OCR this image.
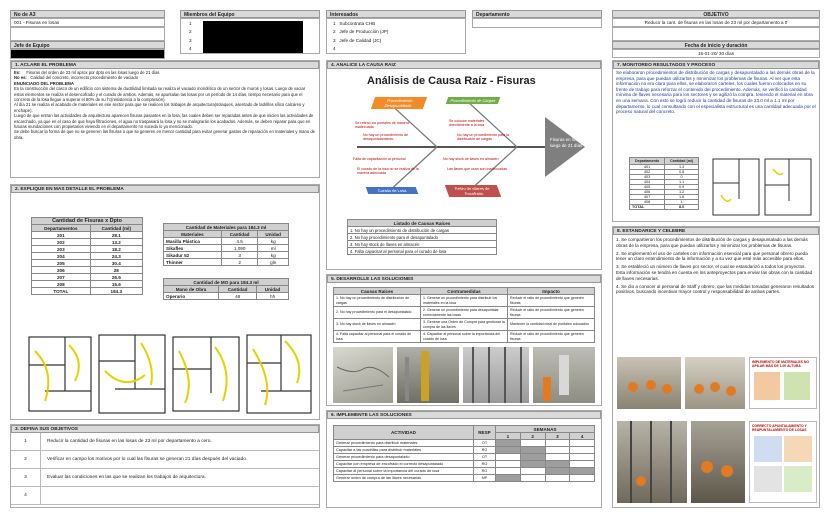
No de A3
001 - Fisuras en losas
Jefe de Equipo
Miembros del Equipo
1
2
3
4
Interesados
1 Subcontrata CHB
2 Jefe de Producción (JP)
3 Jefe de Calidad (JC)
4
Departamento	OBJETIVO
Reducir la cant. de fisuras en las losas de 23 ml por departamento a 0
Fecha de inicio y duración
15-01-20/ 30 días
1. ACLARE EL PROBLEMA
Es: Fisuras del orden de 23 ml aprox por dpto en las losas luego de 21 días
No es: Calidad del concreto, incorrecto procedimiento de vaciado
ENUNCIADO DEL PROBLEMA
En la construcción del casco de un edificio con sistema de ductilidad limitada se realiza el vaciado monolítico de un sector de muros y losas. Luego de vaciar estos elementos se realiza el desencofrado y el curado de ambos. Además, se apuntalan las losas por un período de 14 días, tiempo necesario para que el concreto de la losa llegue a superar el 80% de su f'c(resistencia a la compresión).
Al día 21 se realiza el acabado de materiales en ese sector para que se realicen los trabajos de arquitectura(solaques, asentado de ladrillos sílico calcáreo y enchape).
Luego de que entran las actividades de arquitectura aparecen fisuras pasantes en la losa, las cuales deben ser reparadas antes de que inicien las actividades de escarchado, ya que en el caso de que haya filtraciones, el agua no traspasará la losa y no se malograrán los acabados. Además, se deben reparar para que en futuras inundaciones con propietarios viviendo en el departamento no suceda lo ya mencionado.
Se debe buscar la forma de que no se generen las fisuras o que se generen en menor cantidad para evitar generar gastos de reparación en materiales y mano de obra.
2. EXPLIQUE EN MAS DETALLE EL PROBLEMA
Cantidad de Fisuras x Dpto	
Departamentos	Cantidad (ml)
201	28.1
202	13.2
203	18.2
204	24.3
205	30.4
206	28
207	26.5
208	15.6
TOTAL	184.3
Cantidad de Materiales para 184.3 ml		
Materiales	Cantidad	Unidad
Masilla Plástica	4.5	kg
Sikaflex	1,090	ml
Sikadur 52	3	kg
Thinner	2	gln
Cantidad de MO para 184.3 ml		
Mano de Obra	Cantidad	Unidad
Operario	48	hh
3. DEFINA SUS OBJETIVOS
1	Reducir la cantidad de fisuras en las losas de 23 ml por departamento a cero.
2	Verificar en campo los motivos por lo cual las fisuras se generan 21 días después del vaciado.
3	Evaluar las condiciones en las que se realizan los trabajos de arquitectura.
4
4. ANALICE LA CAUSA RAIZ
Análisis de Causa Raíz - Fisuras
Fisuras en losas luego de 21 días
Procedimiento Desapuntalado
Procedimiento de Cargas
Curado de Losa	Retiro de cilares de Encofrado
Se retiran los puntales de manera inadecuada
No hay un procedimiento de desapuntalamiento
Se colocan materiales directamente a la losa
No hay un procedimiento para la distribución de cargas
Falta de capacitación al personal
El curado de la losa no se realiza de la manera adecuada
No hay stock de llaves en almacén
Las llaves que usan son inadecuadas
Listado de Causas Raíces
1. No hay un procedimiento de distribución de cargas
2. No hay procedimiento para el desapuntalado
3. No hay stock de llaves en almacén
4. Falta capacitar al personal para el curado de losa
5. DESARROLLE LAS SOLUCIONES
Causas Raíces	Contramedidas	Impacto
1. No hay un procedimiento de distribución de cargas	1. Generar un procedimiento para distribuir los materiales en la losa	Reducir el ratio de procedimiento que generen fisuras
2. No hay procedimiento para el desapuntalado	2. Generar un procedimiento para desapuntalar correctamente las losas	Reducir el ratio de procedimiento que generen fisuras
3. No hay stock de llaves en almacén	3. Generar una Orden de Compra para gestionar la compra de las llaves	Mantener la cantidad ideal de puntales colocados
4. Falta capacitar al personal para el curado de losa	4. Capacitar al personal sobre la importancia del curado de losa	Reducir el ratio de procedimiento que generen fisuras
6. IMPLEMENTE LAS SOLUCIONES
ACTIVIDAD	RESP	SEMANAS			
		1	2	3	4
Generar procedimiento para distribuir materiales	OT				
Capacitar a las cuadrillas para distribuir materiales	RG				
Generar procedimiento para desapuntalado	OT				
Capacitar con empresa de encofrado el correcto desapuntalado	RG				
Capacitar al personal sobre la importancia del curado de losa	RG				
Generar orden de compra de las llaves necesarias	MP				
7. MONITOREO RESULTADOS Y PROCESO
Se elaboraron procedimientos de distribución de cargas y desapuntalado a las demás obras de la empresa, para que puedan utilizarlos y minimizar los problemas de fisuras. Al ver que esta información no era clara para ellos, se elaboraron carteles, los cuales fueron colocados en su frente de trabajo para reforzar el contenido del procedimiento. Además, se verificó la cantidad mínima de llaves necesaria para los sectores y se agilizó la compra, teniendo el material en obra en una semana. Con esto se logró reducir la cantidad de fisuras de 23.0 ml a 1.1 ml por departamento, lo cual consultando con el especialista estructural es una cantidad adecuada por el proceso natural del concreto.
Departamento	Cantidad (ml)
401	1.4
402	0.8
403	0
404	1.1
405	0.9
406	1.2
407	1.6
408	1
TOTAL	8.0
8. ESTANDARICE Y CELEBRE
1. Se compartieron los procedimientos de distribución de cargas y desapuntalado a las demás obras de la empresa, para que puedan utilizarlos y minimizar los problemas de fisuras.
2. Se implementó el uso de carteles con información esencial para que personal obrero pueda tener un claro entendimiento de la información y a su vez que esté más accesible para ellos.
3. Se estableció un número de llaves por sector, el cual se estandarizó a todos los proyectos. Esta información se tendrá en cuenta en los anteproyectos para enviar las obras con la cantidad de llaves necesarias.
4. Se dio a conocer al personal de Staff y obrero, que las medidas tomadas generaron resultados positivos, buscando incentivar mayor control y responsabilidad de ambas partes.
IMPLEMENTO DE MATERIALES NO APILAR MÁS DE 1.00 ALTURA
CORRECTO APUNTALAMIENTO Y REAPUNTALAMIENTO DE LOSAS
